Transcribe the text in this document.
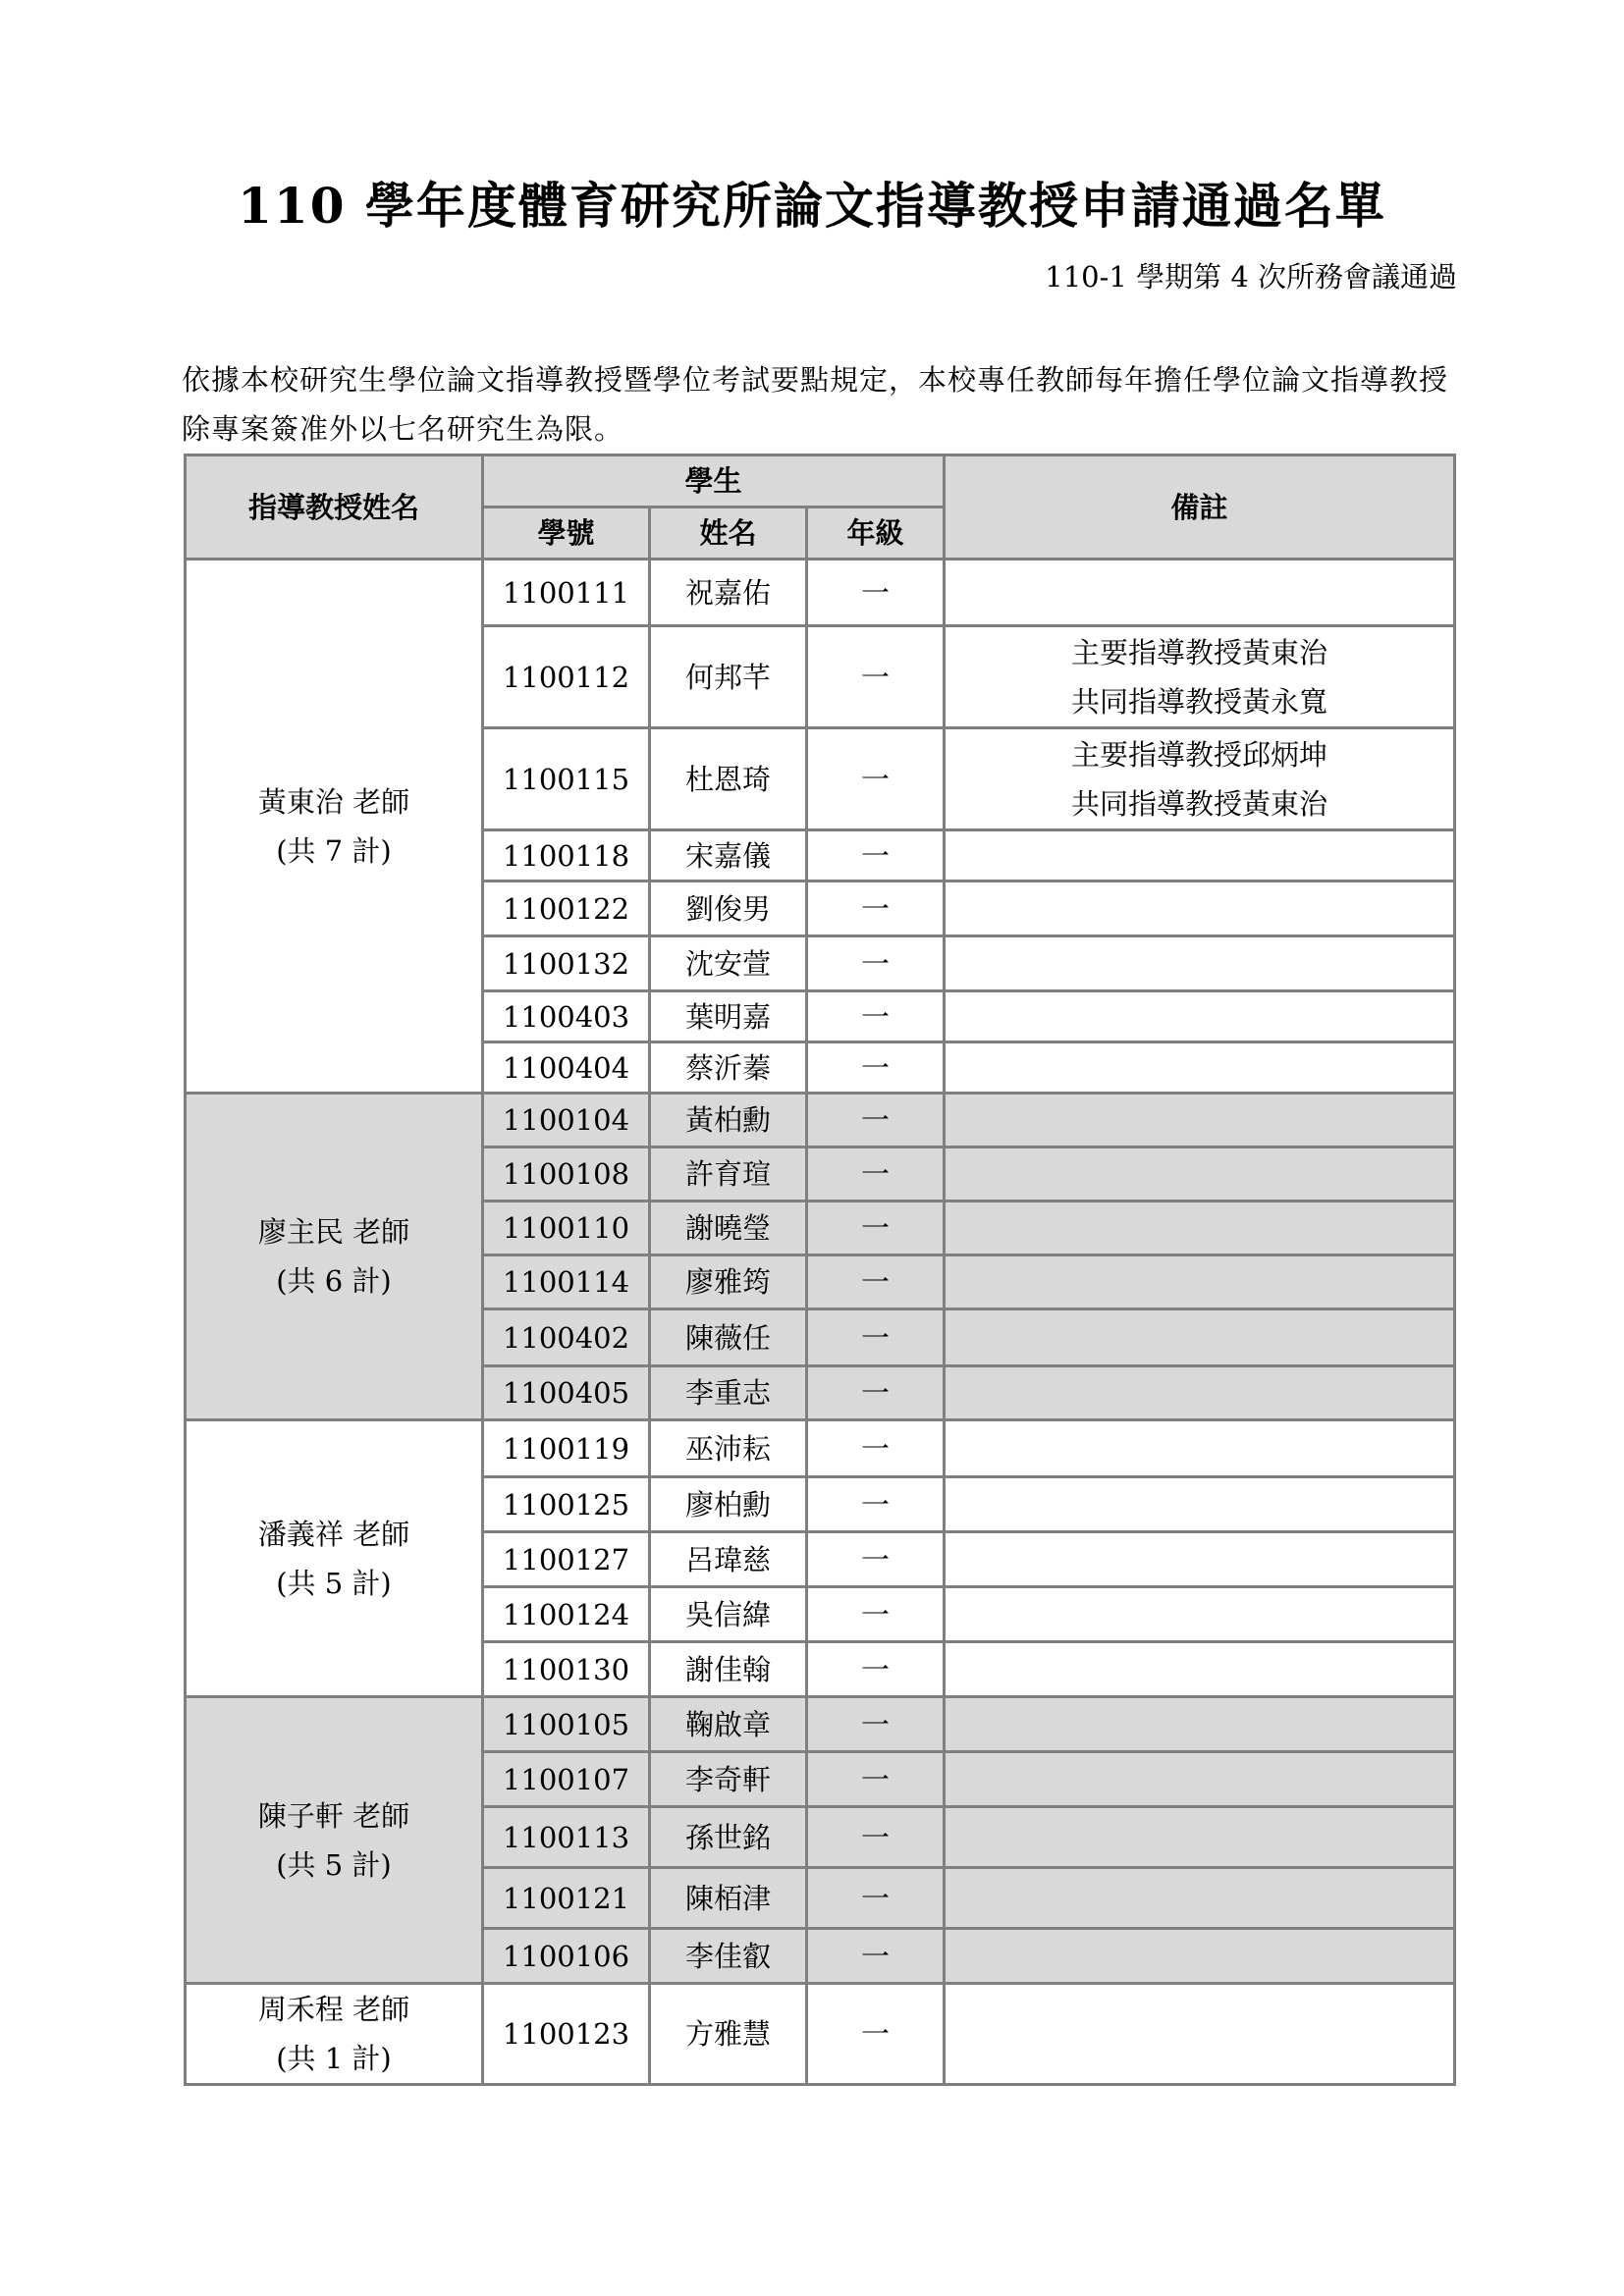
110 學年度體育研究所論文指導教授申請通過名單
110-1 學期第 4 次所務會議通過
依據本校研究生學位論文指導教授暨學位考試要點規定，本校專任教師每年擔任學位論文指導教授除專案簽准外以七名研究生為限。
指導教授姓名	學生			備註
	學號	姓名	年級	

黃東治 老師
(共 7 計)	1100111	祝嘉佑	一	
	1100112	何邦芊	一	主要指導教授黃東治
共同指導教授黃永寬

	1100115	杜恩琦	一	主要指導教授邱炳坤
共同指導教授黃東治

	1100118	宋嘉儀	一	
	1100122	劉俊男	一	
	1100132	沈安萱	一	
	1100403	葉明嘉	一	
	1100404	蔡沂蓁	一	

廖主民 老師
(共 6 計)	1100104	黃柏勳	一	
	1100108	許育瑄	一	
	1100110	謝曉瑩	一	
	1100114	廖雅筠	一	
	1100402	陳薇任	一	
	1100405	李重志	一	

潘義祥 老師
(共 5 計)	1100119	巫沛耘	一	
	1100125	廖柏勳	一	
	1100127	呂瑋慈	一	
	1100124	吳信緯	一	
	1100130	謝佳翰	一	

陳子軒 老師
(共 5 計)	1100105	鞠啟章	一	
	1100107	李奇軒	一	
	1100113	孫世銘	一	
	1100121	陳栢津	一	
	1100106	李佳叡	一	

周禾程 老師
(共 1 計)	1100123	方雅慧	一	
